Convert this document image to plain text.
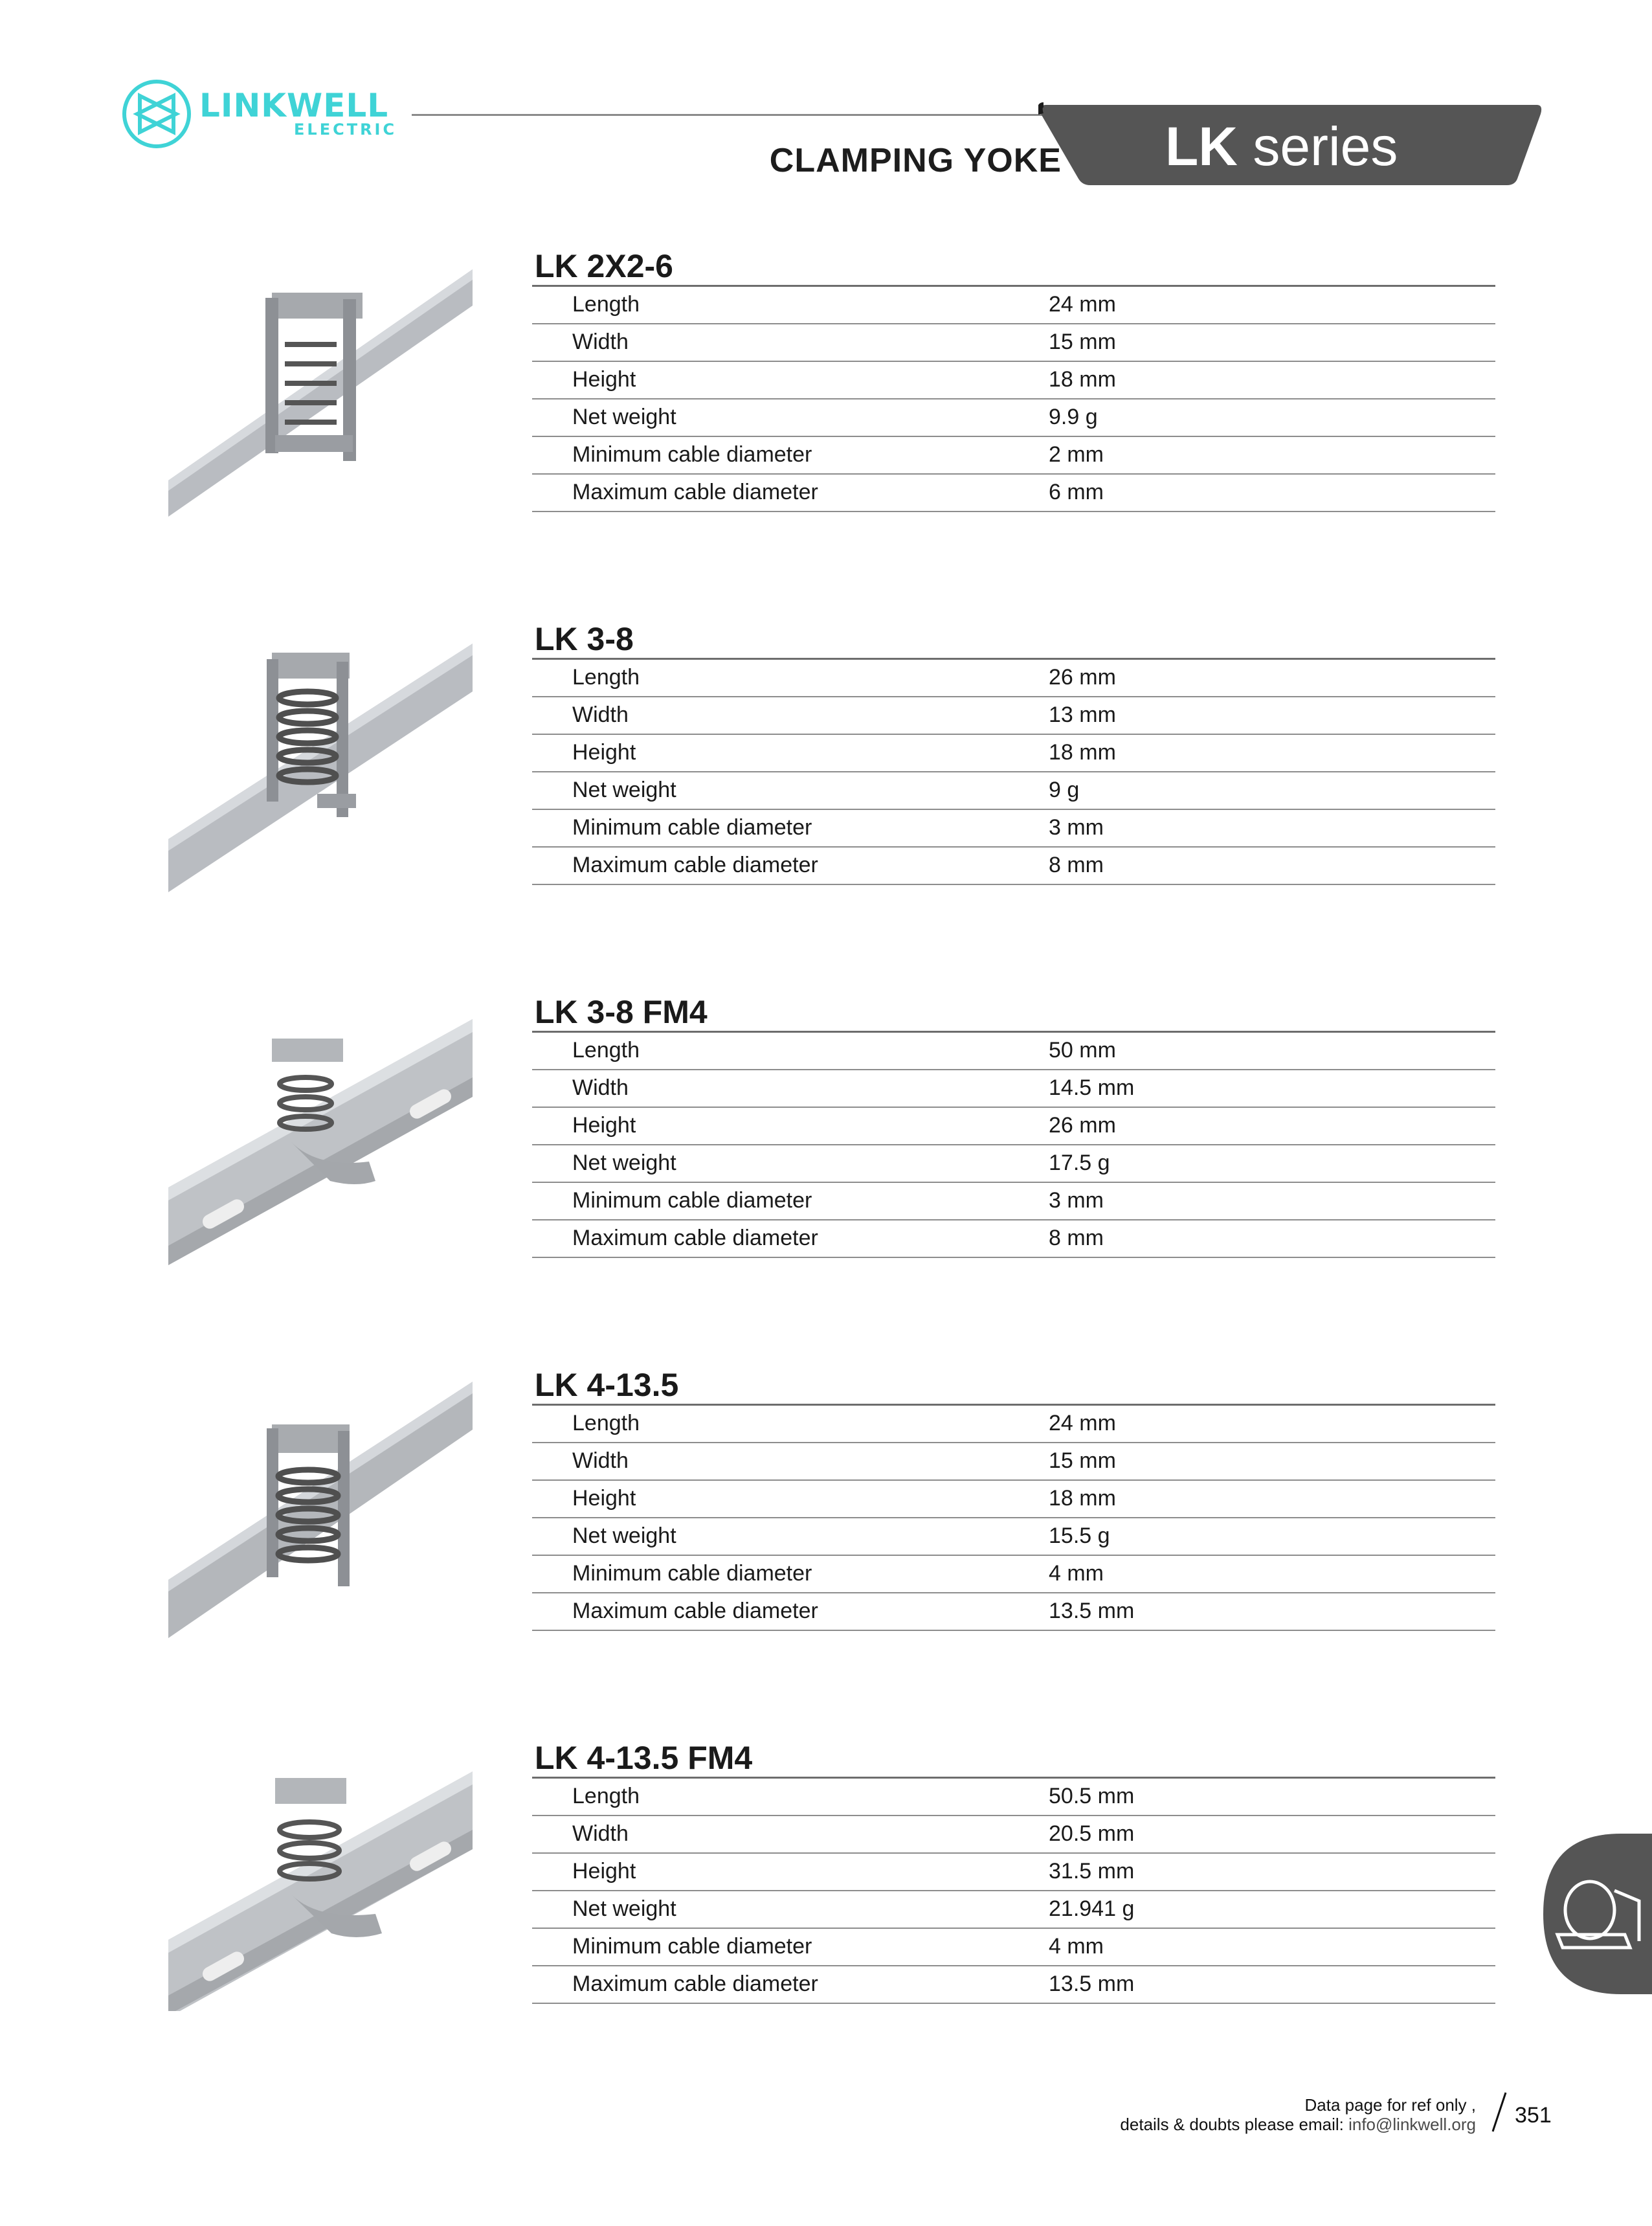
LINKWELL
ELECTRIC
CLAMPING YOKE LK series
LK 2X2-6
Length	24 mm
Width	15 mm
Height	18 mm
Net weight	9.9 g
Minimum cable diameter	2 mm
Maximum cable diameter	6 mm
LK 3-8
Length	26 mm
Width	13 mm
Height	18 mm
Net weight	9 g
Minimum cable diameter	3 mm
Maximum cable diameter	8 mm
LK 3-8 FM4
Length	50 mm
Width	14.5 mm
Height	26 mm
Net weight	17.5 g
Minimum cable diameter	3 mm
Maximum cable diameter	8 mm
LK 4-13.5
Length	24 mm
Width	15 mm
Height	18 mm
Net weight	15.5 g
Minimum cable diameter	4 mm
Maximum cable diameter	13.5 mm
LK 4-13.5 FM4
Length	50.5 mm
Width	20.5 mm
Height	31.5 mm
Net weight	21.941 g
Minimum cable diameter	4 mm
Maximum cable diameter	13.5 mm
Data page for ref only ,
details & doubts please email: info@linkwell.org 351
